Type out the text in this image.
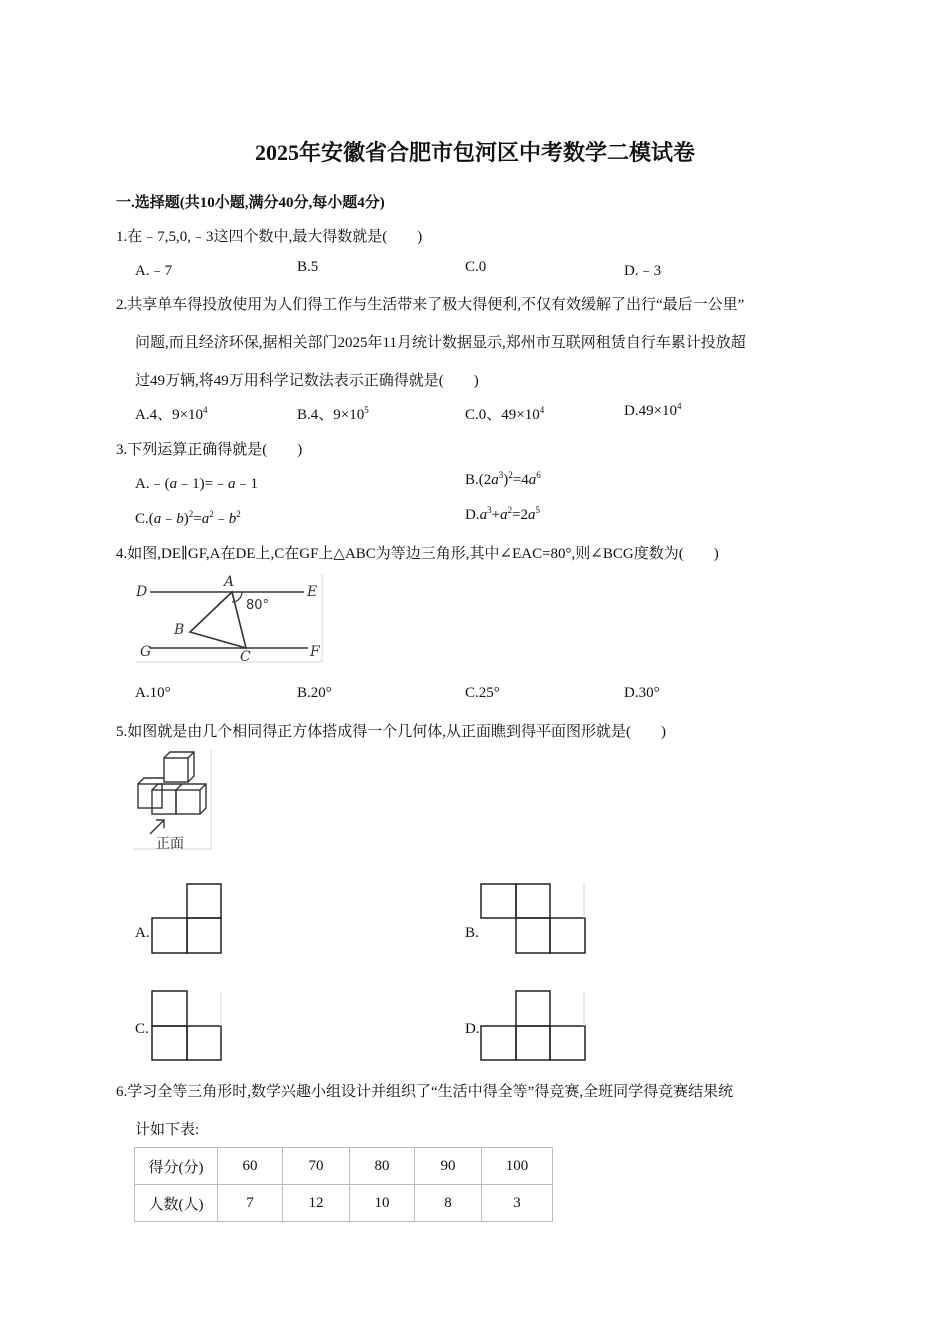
2025年安徽省合肥市包河区中考数学二模试卷
一.选择题(共10小题,满分40分,每小题4分)
1.在﹣7,5,0,﹣3这四个数中,最大得数就是(　　)
A.﹣7	B.5	C.0	D.﹣3
2.共享单车得投放使用为人们得工作与生活带来了极大得便利,不仅有效缓解了出行“最后一公里”
问题,而且经济环保,据相关部门2025年11月统计数据显示,郑州市互联网租赁自行车累计投放超
过49万辆,将49万用科学记数法表示正确得就是(　　)
A.4、$9\times 10^4$	B.4、$9\times 10^5$	C.0、$49\times 10^4$	$D.49\times 10^4$
3.下列运算正确得就是(　　)
A.﹣(a﹣1)=﹣a﹣1	$B.(2a^3)^2=4a^6$
$C.(a﹣b)^2=a^2﹣b^2$	$D.a^3+a^2=2a^5$
4.如图,DE∥GF,A在DE上,C在GF上△ABC为等边三角形,其中∠EAC=80°,则∠BCG度数为(　　)
D
A
E
B
G	C	F
80°
A.10°	B.20°	C.25°	D.30°
5.如图就是由几个相同得正方体搭成得一个几何体,从正面瞧到得平面图形就是(　　)
正面
A.	B.
C.	D.
6.学习全等三角形时,数学兴趣小组设计并组织了“生活中得全等”得竞赛,全班同学得竞赛结果统
计如下表:
得分(分)	60	70	80	90	100
人数(人)	7	12	10	8	3
